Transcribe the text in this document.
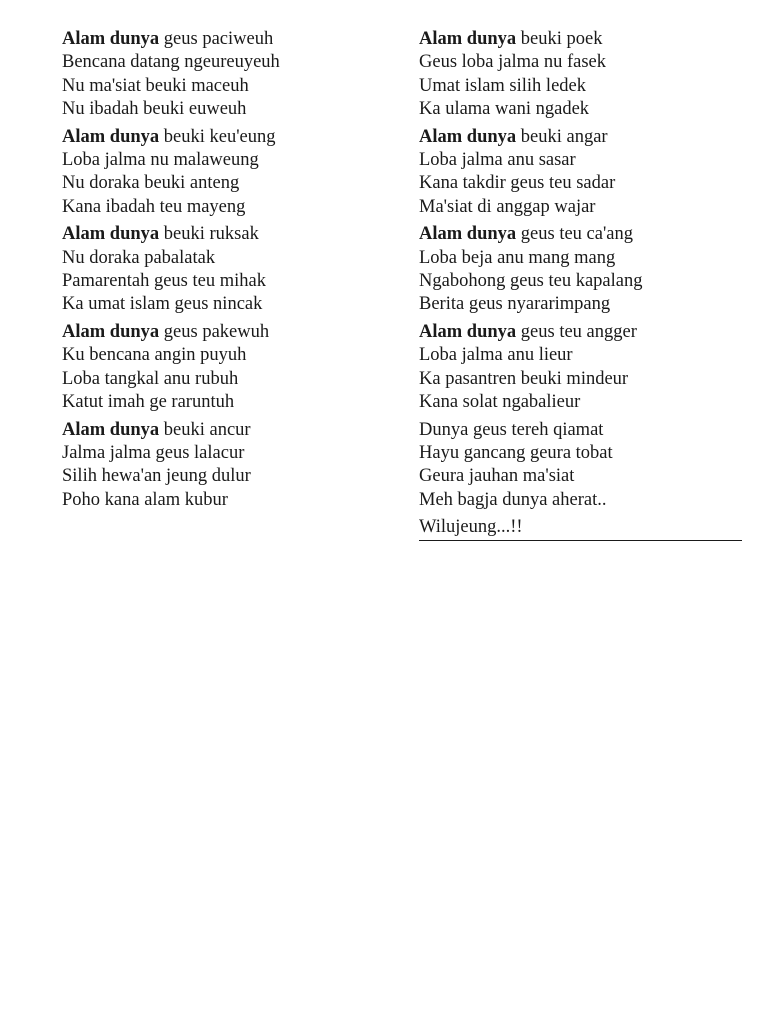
Alam dunya geus paciweuh
Bencana datang ngeureuyeuh
Nu ma'siat beuki maceuh
Nu ibadah beuki euweuh
Alam dunya beuki keu'eung
Loba jalma nu malaweung
Nu doraka beuki anteng
Kana ibadah teu mayeng
Alam dunya beuki ruksak
Nu doraka pabalatak
Pamarentah geus teu mihak
Ka umat islam geus nincak
Alam dunya geus pakewuh
Ku bencana angin puyuh
Loba tangkal anu rubuh
Katut imah ge raruntuh
Alam dunya beuki ancur
Jalma jalma geus lalacur
Silih hewa'an jeung dulur
Poho kana alam kubur
Alam dunya beuki poek
Geus loba jalma nu fasek
Umat islam silih ledek
Ka ulama wani ngadek
Alam dunya beuki angar
Loba jalma anu sasar
Kana takdir geus teu sadar
Ma'siat di anggap wajar
Alam dunya geus teu ca'ang
Loba beja anu mang mang
Ngabohong geus teu kapalang
Berita geus nyararimpang
Alam dunya geus teu angger
Loba jalma anu lieur
Ka pasantren beuki mindeur
Kana solat ngabalieur
Dunya geus tereh qiamat
Hayu gancang geura tobat
Geura jauhan ma'siat
Meh bagja dunya aherat..
Wilujeung...!!
